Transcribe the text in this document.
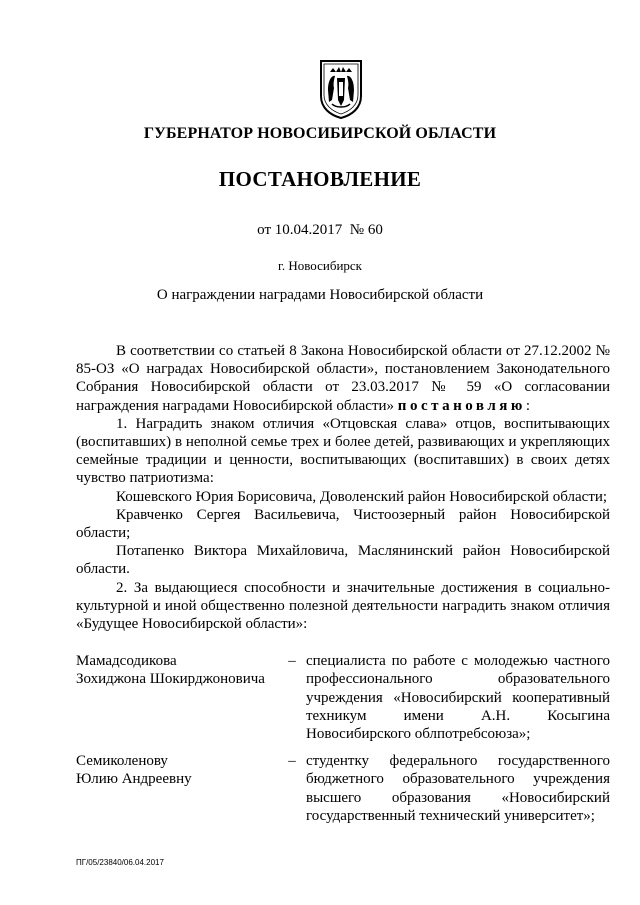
ГУБЕРНАТОР НОВОСИБИРСКОЙ ОБЛАСТИ
ПОСТАНОВЛЕНИЕ
от 10.04.2017  № 60
г. Новосибирск
О награждении наградами Новосибирской области

В соответствии со статьей 8 Закона Новосибирской области от 27.12.2002 № 85-ОЗ «О наградах Новосибирской области», постановлением Законодательного Собрания Новосибирской области от 23.03.2017 № 59 «О согласовании награждения наградами Новосибирской области» постановляю:

1. Наградить знаком отличия «Отцовская слава» отцов, воспитывающих (воспитавших) в неполной семье трех и более детей, развивающих и укрепляющих семейные традиции и ценности, воспитывающих (воспитавших) в своих детях чувство патриотизма:

Кошевского Юрия Борисовича, Доволенский район Новосибирской области;

Кравченко Сергея Васильевича, Чистоозерный район Новосибирской области;

Потапенко Виктора Михайловича, Маслянинский район Новосибирской области.

2. За выдающиеся способности и значительные достижения в социально-культурной и иной общественно полезной деятельности наградить знаком отличия «Будущее Новосибирской области»:

Мамадсодикова
Зохиджона Шокирджоновича
– специалиста по работе с молодежью частного профессионального образовательного учреждения «Новосибирский кооперативный техникум имени А.Н. Косыгина Новосибирского облпотребсоюза»;
Семиколенову
Юлию Андреевну
– студентку федерального государственного бюджетного образовательного учреждения высшего образования «Новосибирский государственный технический университет»;
ПГ/05/23840/06.04.2017
